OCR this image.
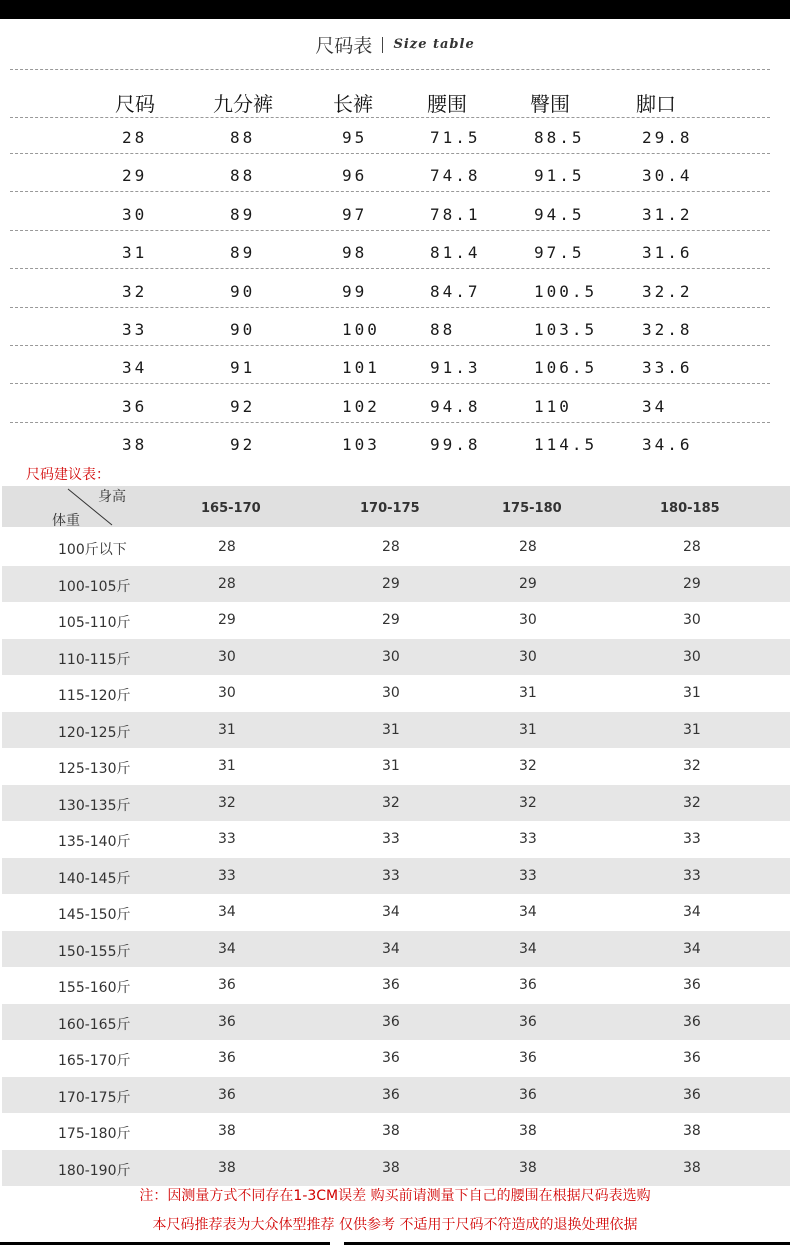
尺码表 Size table
尺码	九分裤	长裤	腰围	臀围	脚口
28	88	95	71.5	88.5	29.8
29	88	96	74.8	91.5	30.4
30	89	97	78.1	94.5	31.2
31	89	98	81.4	97.5	31.6
32	90	99	84.7	100.5	32.2
33	90	100	88	103.5	32.8
34	91	101	91.3	106.5	33.6
36	92	102	94.8	110	34
38	92	103	99.8	114.5	34.6
尺码建议表：
身高
体重
165-170	170-175	175-180	180-185
100斤以下	28	28	28	28
100-105斤	28	29	29	29
105-110斤	29	29	30	30
110-115斤	30	30	30	30
115-120斤	30	30	31	31
120-125斤	31	31	31	31
125-130斤	31	31	32	32
130-135斤	32	32	32	32
135-140斤	33	33	33	33
140-145斤	33	33	33	33
145-150斤	34	34	34	34
150-155斤	34	34	34	34
155-160斤	36	36	36	36
160-165斤	36	36	36	36
165-170斤	36	36	36	36
170-175斤	36	36	36	36
175-180斤	38	38	38	38
180-190斤	38	38	38	38
注：因测量方式不同存在1-3CM误差 购买前请测量下自己的腰围在根据尺码表选购
本尺码推荐表为大众体型推荐 仅供参考 不适用于尺码不符造成的退换处理依据
